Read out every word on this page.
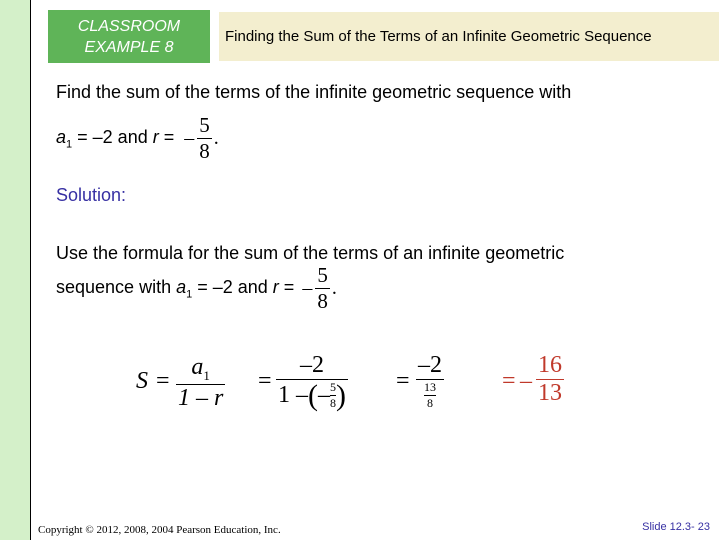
CLASSROOM
EXAMPLE 8
Finding the Sum of the Terms of an Infinite Geometric Sequence
Find the sum of the terms of the infinite geometric sequence with
$a_1 = -2$ and r = – $\frac{5}{8}$ .
Solution:
Use the formula for the sum of the terms of an infinite geometric
sequence with $a_1 = -2$ and r = – $\frac{5}{8}$ .
S =
$a_1$
1 – r
=
–2
1 – ( – $\frac{5}{8}$ ) =
–2
$\frac{13}{8}$	= –
16
13
Copyright © 2012, 2008, 2004 Pearson Education, Inc.	Slide 12.3- 23
